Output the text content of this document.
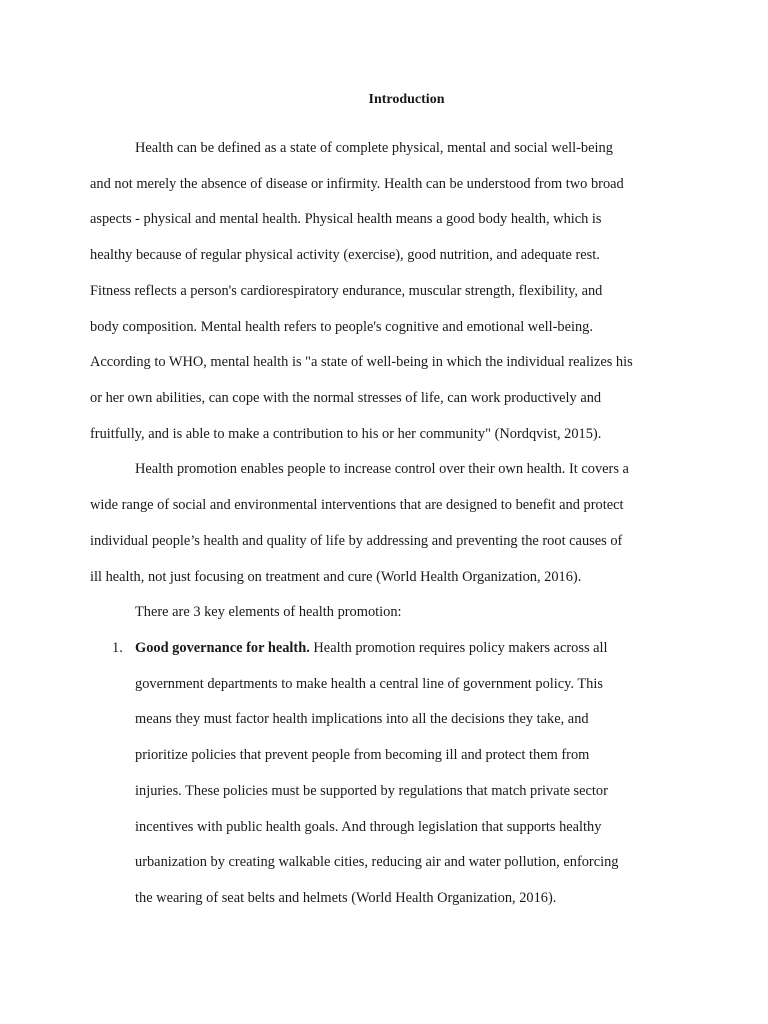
Introduction
Health can be defined as a state of complete physical, mental and social well-being
and not merely the absence of disease or infirmity. Health can be understood from two broad
aspects - physical and mental health. Physical health means a good body health, which is
healthy because of regular physical activity (exercise), good nutrition, and adequate rest.
Fitness reflects a person's cardiorespiratory endurance, muscular strength, flexibility, and
body composition. Mental health refers to people's cognitive and emotional well-being.
According to WHO, mental health is "a state of well-being in which the individual realizes his
or her own abilities, can cope with the normal stresses of life, can work productively and
fruitfully, and is able to make a contribution to his or her community" (Nordqvist, 2015).
Health promotion enables people to increase control over their own health. It covers a
wide range of social and environmental interventions that are designed to benefit and protect
individual people’s health and quality of life by addressing and preventing the root causes of
ill health, not just focusing on treatment and cure (World Health Organization, 2016).
There are 3 key elements of health promotion:
1. Good governance for health. Health promotion requires policy makers across all
government departments to make health a central line of government policy. This
means they must factor health implications into all the decisions they take, and
prioritize policies that prevent people from becoming ill and protect them from
injuries. These policies must be supported by regulations that match private sector
incentives with public health goals. And through legislation that supports healthy
urbanization by creating walkable cities, reducing air and water pollution, enforcing
the wearing of seat belts and helmets (World Health Organization, 2016).
